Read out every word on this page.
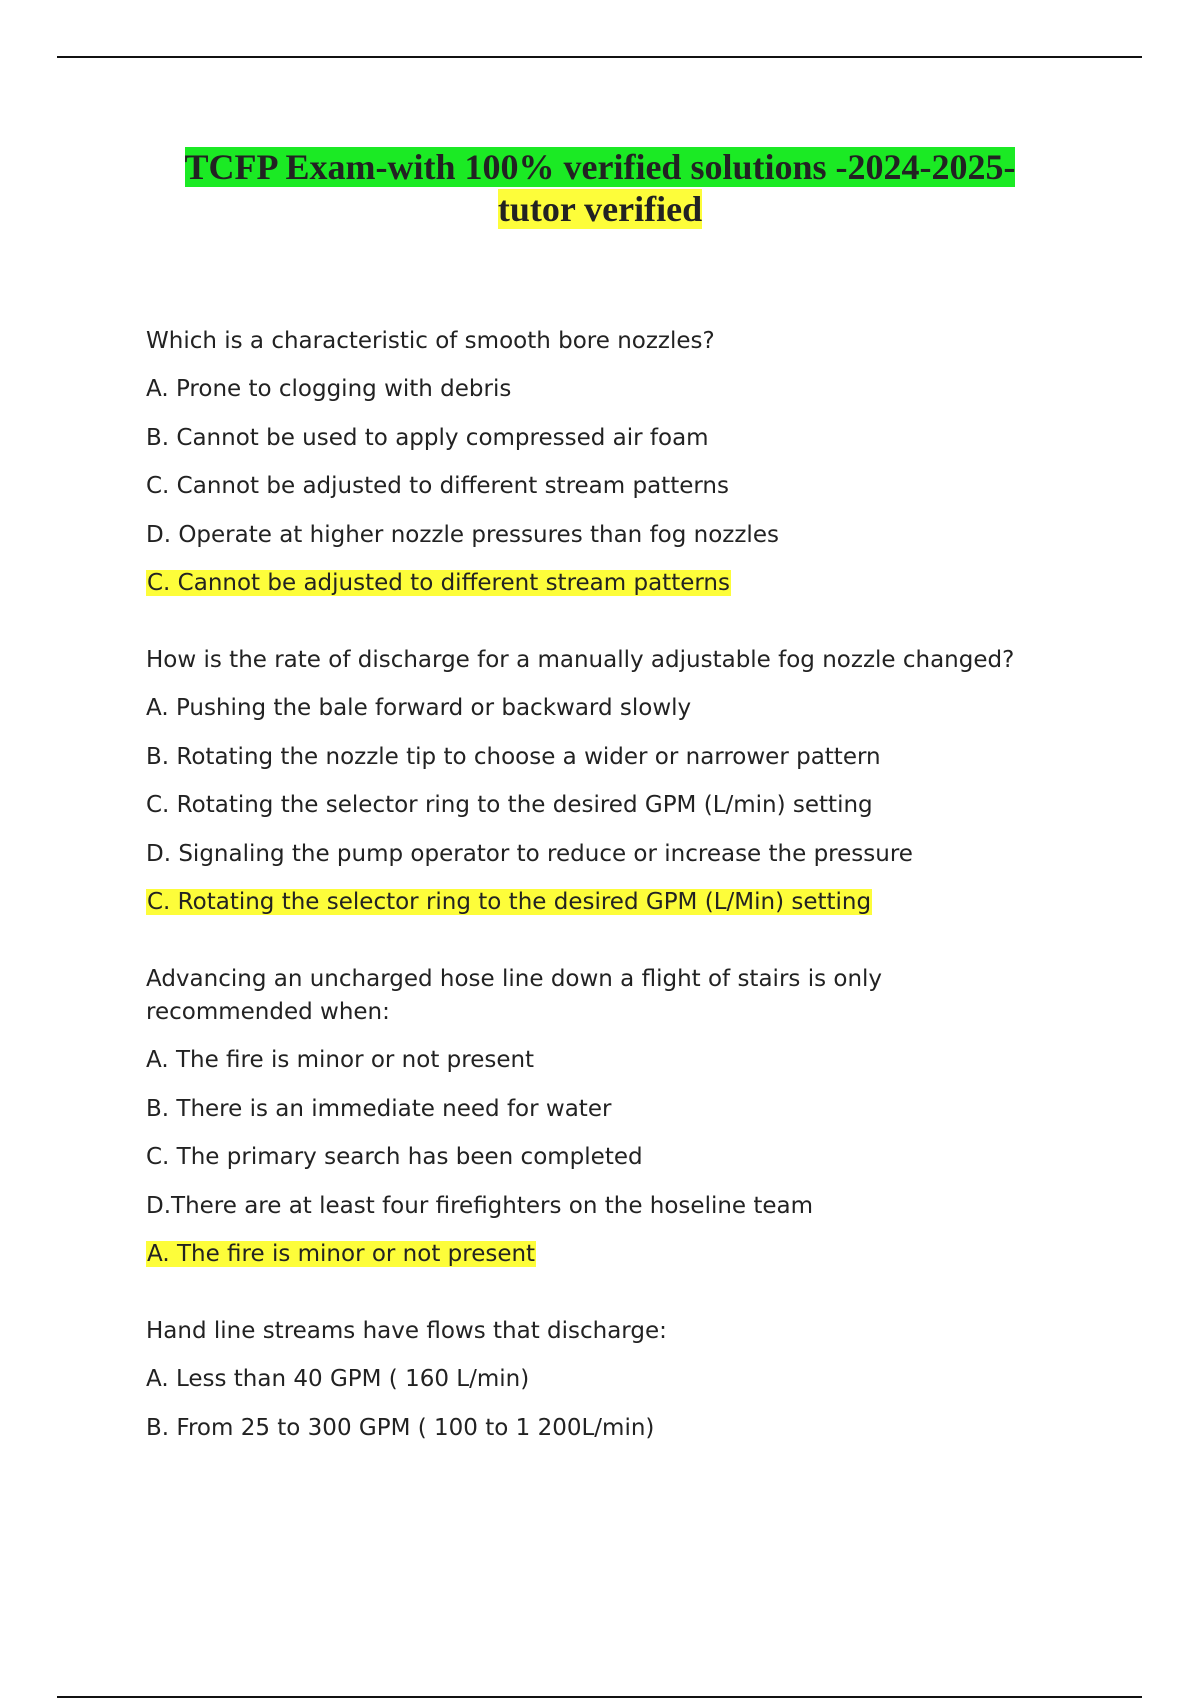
TCFP Exam-with 100% verified solutions -2024-2025-
tutor verified

Which is a characteristic of smooth bore nozzles?

A. Prone to clogging with debris

B. Cannot be used to apply compressed air foam

C. Cannot be adjusted to different stream patterns

D. Operate at higher nozzle pressures than fog nozzles

C. Cannot be adjusted to different stream patterns

How is the rate of discharge for a manually adjustable fog nozzle changed?

A. Pushing the bale forward or backward slowly

B. Rotating the nozzle tip to choose a wider or narrower pattern

C. Rotating the selector ring to the desired GPM (L/min) setting

D. Signaling the pump operator to reduce or increase the pressure

C. Rotating the selector ring to the desired GPM (L/Min) setting

Advancing an uncharged hose line down a flight of stairs is only recommended when:

A. The fire is minor or not present

B. There is an immediate need for water

C. The primary search has been completed

D.There are at least four firefighters on the hoseline team

A. The fire is minor or not present

Hand line streams have flows that discharge:

A. Less than 40 GPM ( 160 L/min)

B. From 25 to 300 GPM ( 100 to 1 200L/min)
